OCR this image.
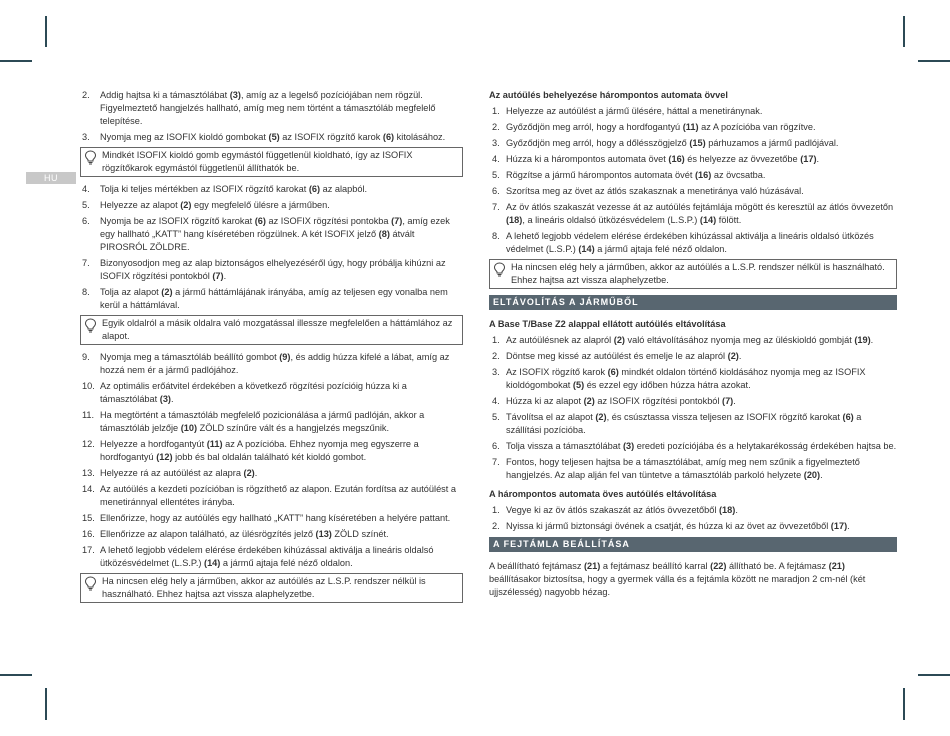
HU
2. Addig hajtsa ki a támasztólábat (3), amíg az a legelső pozíciójában nem rögzül. Figyelmeztető hangjelzés hallható, amíg meg nem történt a támasztóláb megfelelő telepítése.
3. Nyomja meg az ISOFIX kioldó gombokat (5) az ISOFIX rögzítő karok (6) kitolásához.
Mindkét ISOFIX kioldó gomb egymástól függetlenül kioldható, így az ISOFIX rögzítőkarok egymástól függetlenül állíthatók be.
4. Tolja ki teljes mértékben az ISOFIX rögzítő karokat (6) az alapból.
5. Helyezze az alapot (2) egy megfelelő ülésre a járműben.
6. Nyomja be az ISOFIX rögzítő karokat (6) az ISOFIX rögzítési pontokba (7), amíg ezek egy hallható „KATT” hang kíséretében rögzülnek. A két ISOFIX jelző (8) átvált PIROSRÓL ZÖLDRE.
7. Bizonyosodjon meg az alap biztonságos elhelyezéséről úgy, hogy próbálja kihúzni az ISOFIX rögzítési pontokból (7).
8. Tolja az alapot (2) a jármű háttámlájának irányába, amíg az teljesen egy vonalba nem kerül a háttámlával.
Egyik oldalról a másik oldalra való mozgatással illessze megfelelően a háttámlához az alapot.
9. Nyomja meg a támasztóláb beállító gombot (9), és addig húzza kifelé a lábat, amíg az hozzá nem ér a jármű padlójához.
10. Az optimális erőátvitel érdekében a következő rögzítési pozícióig húzza ki a támasztólábat (3).
11. Ha megtörtént a támasztóláb megfelelő pozicionálása a jármű padlóján, akkor a támasztóláb jelzője (10) ZÖLD színűre vált és a hangjelzés megszűnik.
12. Helyezze a hordfogantyút (11) az A pozícióba. Ehhez nyomja meg egyszerre a hordfogantyú (12) jobb és bal oldalán található két kioldó gombot.
13. Helyezze rá az autóülést az alapra (2).
14. Az autóülés a kezdeti pozícióban is rögzíthető az alapon. Ezután fordítsa az autóülést a menetiránnyal ellentétes irányba.
15. Ellenőrizze, hogy az autóülés egy hallható „KATT” hang kíséretében a helyére pattant.
16. Ellenőrizze az alapon található, az ülésrögzítés jelző (13) ZÖLD színét.
17. A lehető legjobb védelem elérése érdekében kihúzással aktiválja a lineáris oldalsó ütközésvédelmet (L.S.P.) (14) a jármű ajtaja felé néző oldalon.
Ha nincsen elég hely a járműben, akkor az autóülés az L.S.P. rendszer nélkül is használható. Ehhez hajtsa azt vissza alaphelyzetbe.

Az autóülés behelyezése hárompontos automata övvel

1. Helyezze az autóülést a jármű ülésére, háttal a menetiránynak.
2. Győződjön meg arról, hogy a hordfogantyú (11) az A pozícióba van rögzítve.
3. Győződjön meg arról, hogy a dőlésszögjelző (15) párhuzamos a jármű padlójával.
4. Húzza ki a hárompontos automata övet (16) és helyezze az övvezetőbe (17).
5. Rögzítse a jármű hárompontos automata övét (16) az övcsatba.
6. Szorítsa meg az övet az átlós szakasznak a menetiránya való húzásával.
7. Az öv átlós szakaszát vezesse át az autóülés fejtámlája mögött és keresztül az átlós övvezetőn (18), a lineáris oldalsó ütközésvédelem (L.S.P.) (14) fölött.
8. A lehető legjobb védelem elérése érdekében kihúzással aktiválja a lineáris oldalsó ütközés védelmet (L.S.P.) (14) a jármű ajtaja felé néző oldalon.
Ha nincsen elég hely a járműben, akkor az autóülés a L.S.P. rendszer nélkül is használható. Ehhez hajtsa azt vissza alaphelyzetbe.
ELTÁVOLÍTÁS A JÁRMŰBŐL

A Base T/Base Z2 alappal ellátott autóülés eltávolítása

1. Az autóülésnek az alapról (2) való eltávolításához nyomja meg az üléskioldó gombját (19).
2. Döntse meg kissé az autóülést és emelje le az alapról (2).
3. Az ISOFIX rögzítő karok (6) mindkét oldalon történő kioldásához nyomja meg az ISOFIX kioldógombokat (5) és ezzel egy időben húzza hátra azokat.
4. Húzza ki az alapot (2) az ISOFIX rögzítési pontokból (7).
5. Távolítsa el az alapot (2), és csúsztassa vissza teljesen az ISOFIX rögzítő karokat (6) a szállítási pozícióba.
6. Tolja vissza a támasztólábat (3) eredeti pozíciójába és a helytakarékosság érdekében hajtsa be.
7. Fontos, hogy teljesen hajtsa be a támasztólábat, amíg meg nem szűnik a figyelmeztető hangjelzés. Az alap alján fel van tüntetve a támasztóláb parkoló helyzete (20).

A hárompontos automata öves autóülés eltávolítása

1. Vegye ki az öv átlós szakaszát az átlós övvezetőből (18).
2. Nyissa ki jármű biztonsági övének a csatját, és húzza ki az övet az övvezetőből (17).
A FEJTÁMLA BEÁLLÍTÁSA

A beállítható fejtámasz (21) a fejtámasz beállító karral (22) állítható be. A fejtámasz (21) beállításakor biztosítsa, hogy a gyermek válla és a fejtámla között ne maradjon 2 cm-nél (két ujjszélesség) nagyobb hézag.
